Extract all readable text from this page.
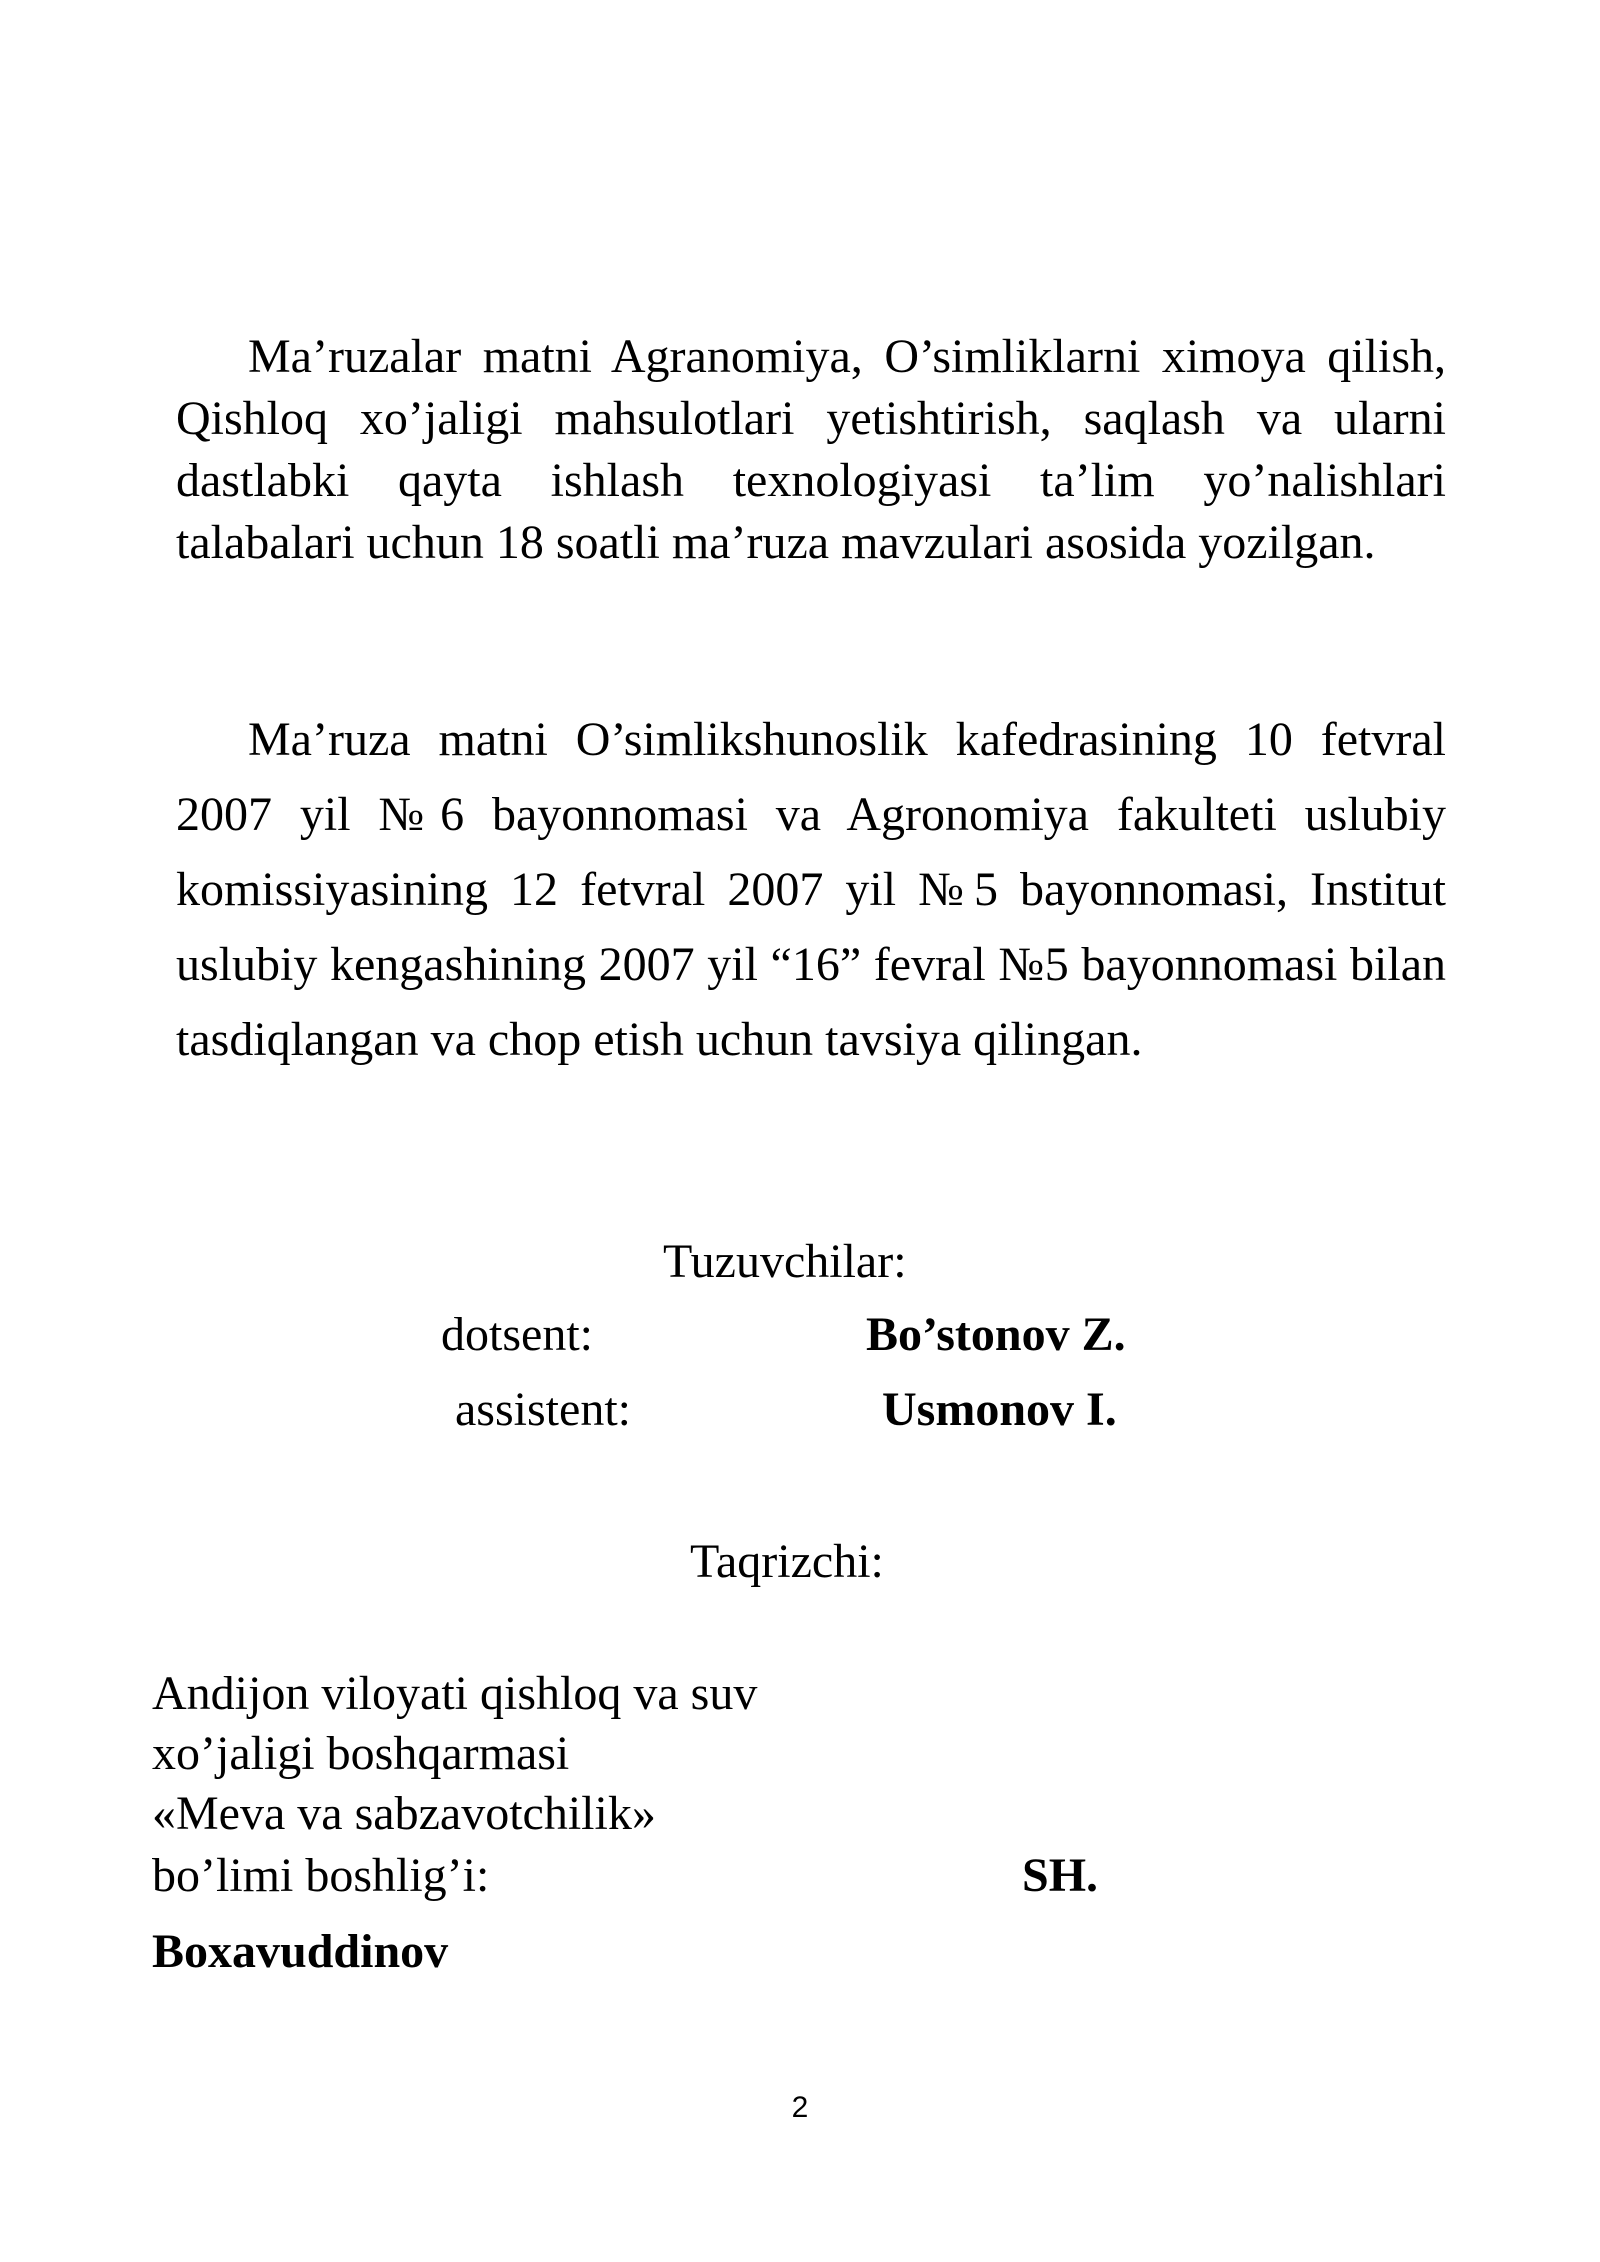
Ma’ruzalar matni Agranomiya, O’simliklarni ximoya qilish, Qishloq xo’jaligi mahsulotlari yetishtirish, saqlash va ularni dastlabki qayta ishlash texnologiyasi ta’lim yo’nalishlari talabalari uchun 18 soatli ma’ruza mavzulari asosida yozilgan.

Ma’ruza matni O’simlikshunoslik kafedrasining 10 fetvral 2007 yil №6 bayonnomasi va Agronomiya fakulteti uslubiy komissiyasining 12 fetvral 2007 yil №5 bayonnomasi, Institut uslubiy kengashining 2007 yil “16” fevral №5 bayonnomasi bilan tasdiqlangan va chop etish uchun tavsiya qilingan.

Tuzuvchilar:
dotsent:	Bo’stonov Z.
assistent:	Usmonov I.
Taqrizchi:
Andijon viloyati qishloq va suv
xo’jaligi boshqarmasi
«Meva va sabzavotchilik»
bo’limi boshlig’i:	SH.
Boxavuddinov
2
